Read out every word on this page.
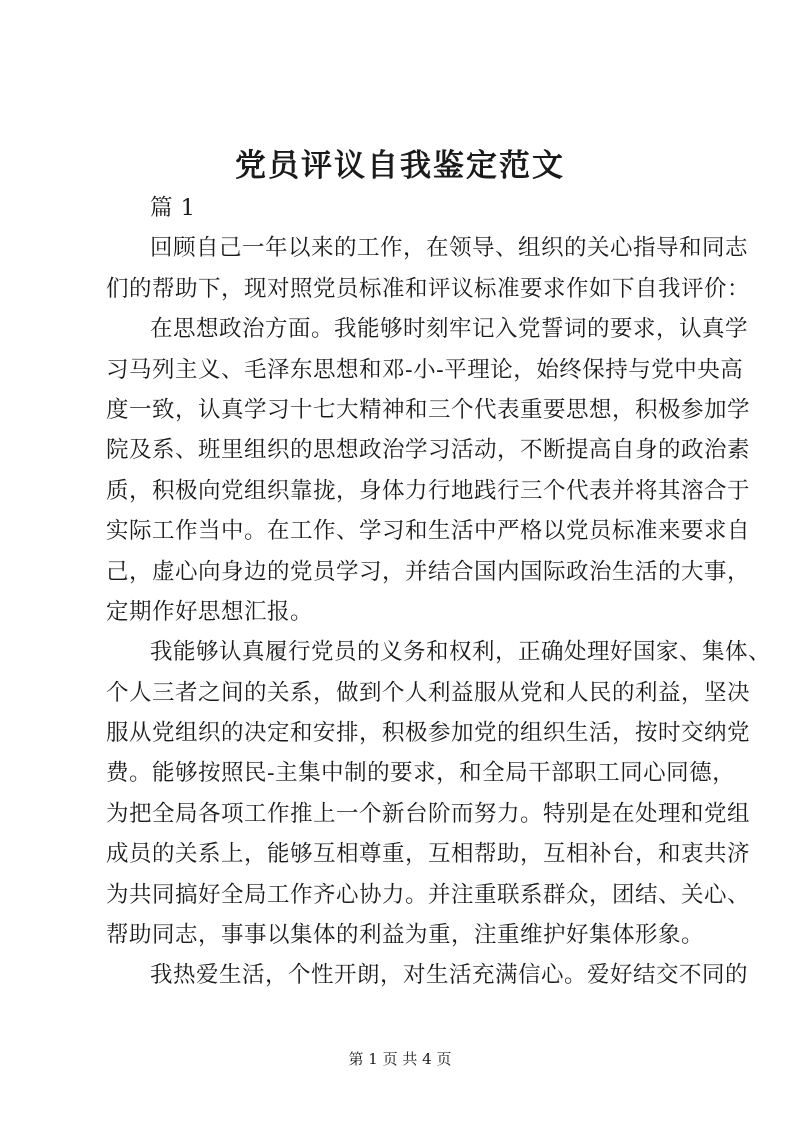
党员评议自我鉴定范文
篇 1
回顾自己一年以来的工作，在领导、组织的关心指导和同志
们的帮助下，现对照党员标准和评议标准要求作如下自我评价：
在思想政治方面。我能够时刻牢记入党誓词的要求，认真学
习马列主义、毛泽东思想和邓-小-平理论，始终保持与党中央高
度一致，认真学习十七大精神和三个代表重要思想，积极参加学
院及系、班里组织的思想政治学习活动，不断提高自身的政治素
质，积极向党组织靠拢，身体力行地践行三个代表并将其溶合于
实际工作当中。在工作、学习和生活中严格以党员标准来要求自
己，虚心向身边的党员学习，并结合国内国际政治生活的大事，
定期作好思想汇报。
我能够认真履行党员的义务和权利，正确处理好国家、集体、
个人三者之间的关系，做到个人利益服从党和人民的利益，坚决
服从党组织的决定和安排，积极参加党的组织生活，按时交纳党
费。能够按照民-主集中制的要求，和全局干部职工同心同德，
为把全局各项工作推上一个新台阶而努力。特别是在处理和党组
成员的关系上，能够互相尊重，互相帮助，互相补台，和衷共济
为共同搞好全局工作齐心协力。并注重联系群众，团结、关心、
帮助同志，事事以集体的利益为重，注重维护好集体形象。
我热爱生活，个性开朗，对生活充满信心。爱好结交不同的
第 1 页 共 4 页
